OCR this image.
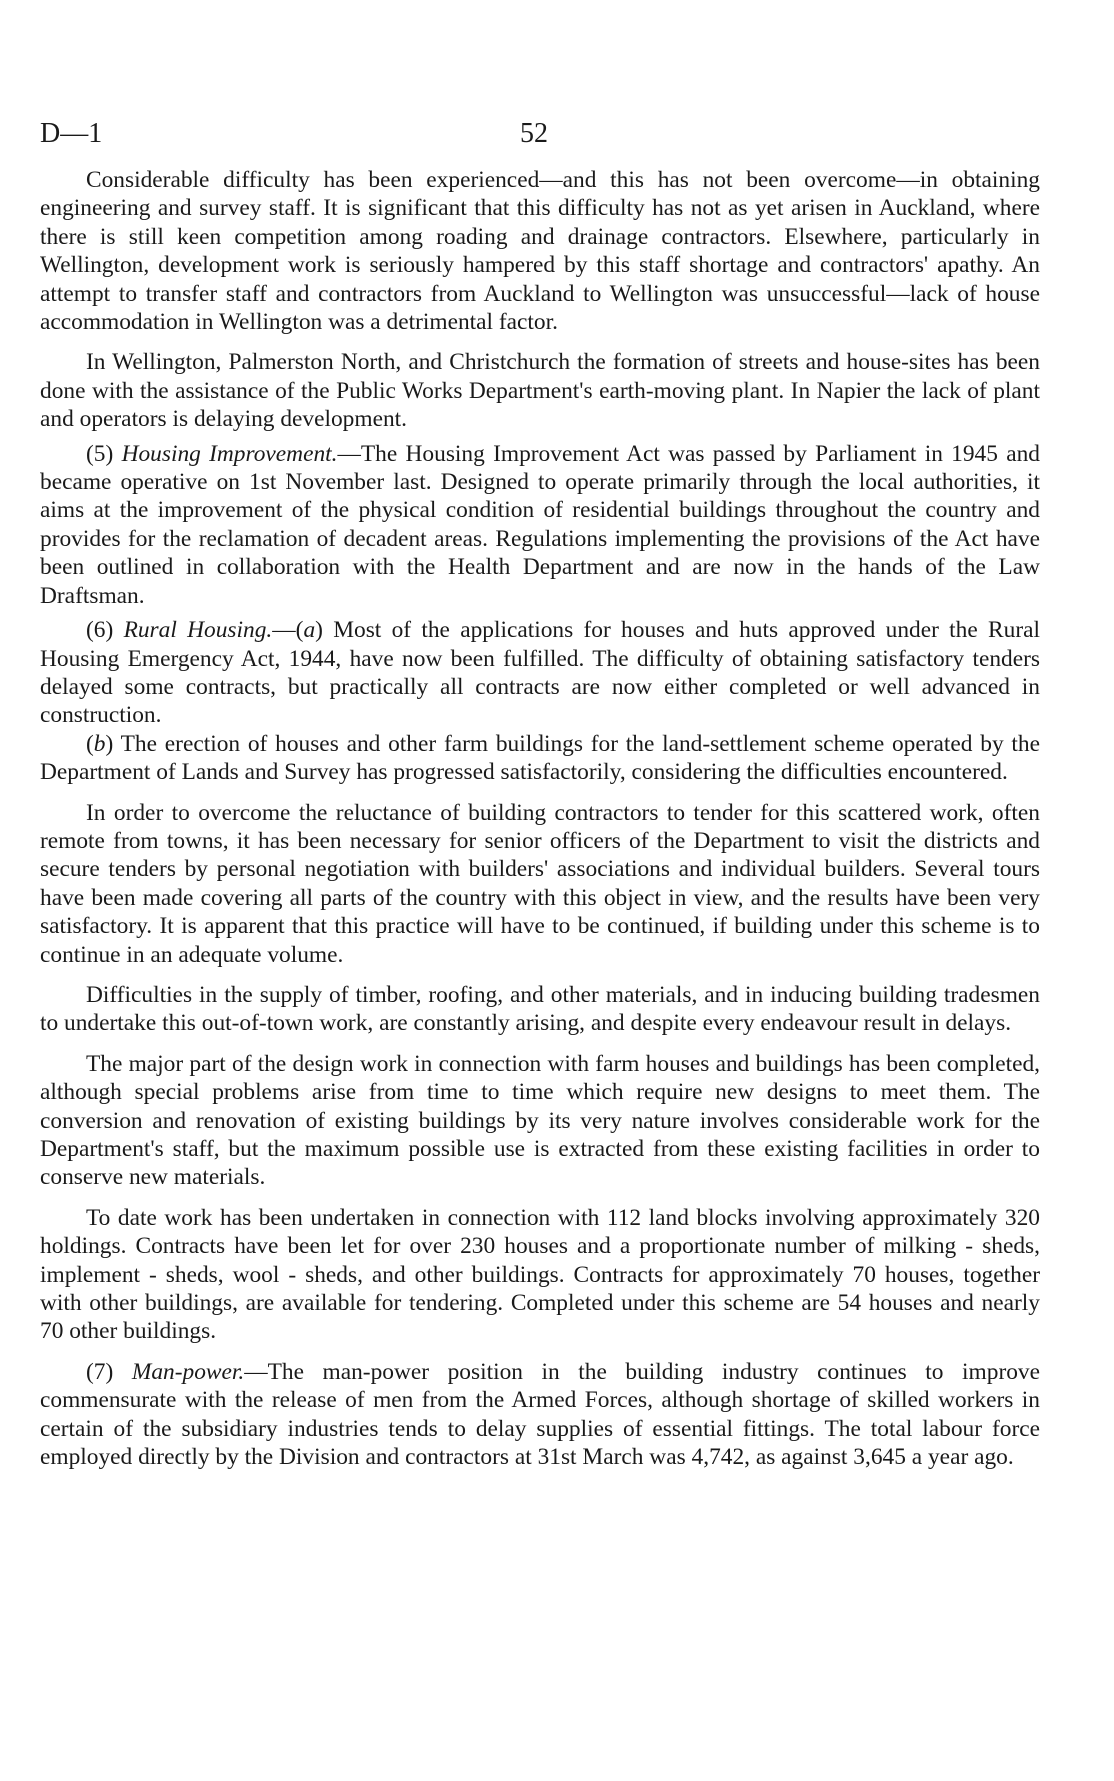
D—1	52

Considerable difficulty has been experienced—and this has not been overcome—in obtaining engineering and survey staff. It is significant that this difficulty has not as yet arisen in Auckland, where there is still keen competition among roading and drainage contractors. Elsewhere, particularly in Wellington, development work is seriously hampered by this staff shortage and contractors' apathy. An attempt to transfer staff and contractors from Auckland to Wellington was unsuccessful—lack of house accommodation in Wellington was a detrimental factor.

In Wellington, Palmerston North, and Christchurch the formation of streets and house-sites has been done with the assistance of the Public Works Department's earth-moving plant. In Napier the lack of plant and operators is delaying development.

(5) Housing Improvement.—The Housing Improvement Act was passed by Parliament in 1945 and became operative on 1st November last. Designed to operate primarily through the local authorities, it aims at the improvement of the physical condition of residential buildings throughout the country and provides for the reclamation of decadent areas. Regulations implementing the provisions of the Act have been outlined in collaboration with the Health Department and are now in the hands of the Law Draftsman.

(6) Rural Housing.—(a) Most of the applications for houses and huts approved under the Rural Housing Emergency Act, 1944, have now been fulfilled. The difficulty of obtaining satisfactory tenders delayed some contracts, but practically all contracts are now either completed or well advanced in construction.

(b) The erection of houses and other farm buildings for the land-settlement scheme operated by the Department of Lands and Survey has progressed satisfactorily, considering the difficulties encountered.

In order to overcome the reluctance of building contractors to tender for this scattered work, often remote from towns, it has been necessary for senior officers of the Department to visit the districts and secure tenders by personal negotiation with builders' associations and individual builders. Several tours have been made covering all parts of the country with this object in view, and the results have been very satisfactory. It is apparent that this practice will have to be continued, if building under this scheme is to continue in an adequate volume.

Difficulties in the supply of timber, roofing, and other materials, and in inducing building tradesmen to undertake this out-of-town work, are constantly arising, and despite every endeavour result in delays.

The major part of the design work in connection with farm houses and buildings has been completed, although special problems arise from time to time which require new designs to meet them. The conversion and renovation of existing buildings by its very nature involves considerable work for the Department's staff, but the maximum possible use is extracted from these existing facilities in order to conserve new materials.

To date work has been undertaken in connection with 112 land blocks involving approximately 320 holdings. Contracts have been let for over 230 houses and a proportionate number of milking - sheds, implement - sheds, wool - sheds, and other buildings. Contracts for approximately 70 houses, together with other buildings, are available for tendering. Completed under this scheme are 54 houses and nearly 70 other buildings.

(7) Man-power.—The man-power position in the building industry continues to improve commensurate with the release of men from the Armed Forces, although shortage of skilled workers in certain of the subsidiary industries tends to delay supplies of essential fittings. The total labour force employed directly by the Division and contractors at 31st March was 4,742, as against 3,645 a year ago.
